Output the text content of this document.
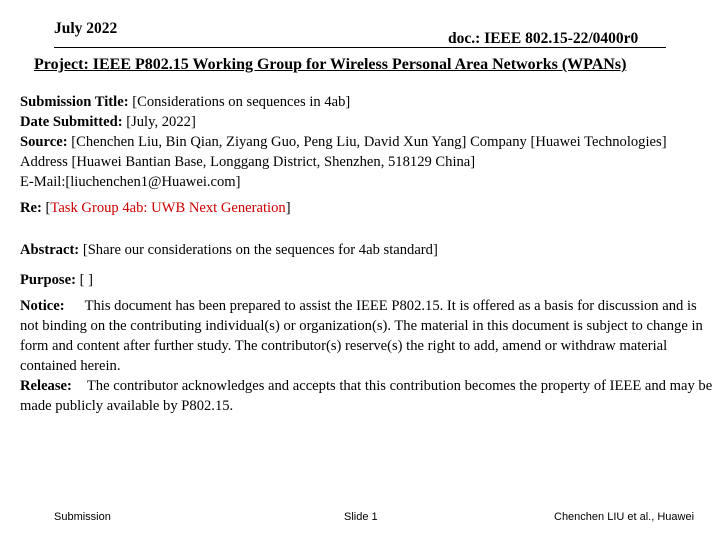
July 2022
doc.: IEEE 802.15-22/0400r0
Project: IEEE P802.15 Working Group for Wireless Personal Area Networks (WPANs)
Submission Title: [Considerations on sequences in 4ab]
Date Submitted: [July, 2022]
Source: [Chenchen Liu, Bin Qian, Ziyang Guo, Peng Liu, David Xun Yang] Company [Huawei Technologies]
Address [Huawei Bantian Base, Longgang District, Shenzhen, 518129 China]
E-Mail:[liuchenchen1@Huawei.com]
Re: [Task Group 4ab: UWB Next Generation]
Abstract: [Share our considerations on the sequences for 4ab standard]
Purpose: [ ]
Notice: This document has been prepared to assist the IEEE P802.15. It is offered as a basis for discussion and is not binding on the contributing individual(s) or organization(s). The material in this document is subject to change in form and content after further study. The contributor(s) reserve(s) the right to add, amend or withdraw material contained herein.
Release: The contributor acknowledges and accepts that this contribution becomes the property of IEEE and may be made publicly available by P802.15.
Submission	Slide 1	Chenchen LIU et al., Huawei
